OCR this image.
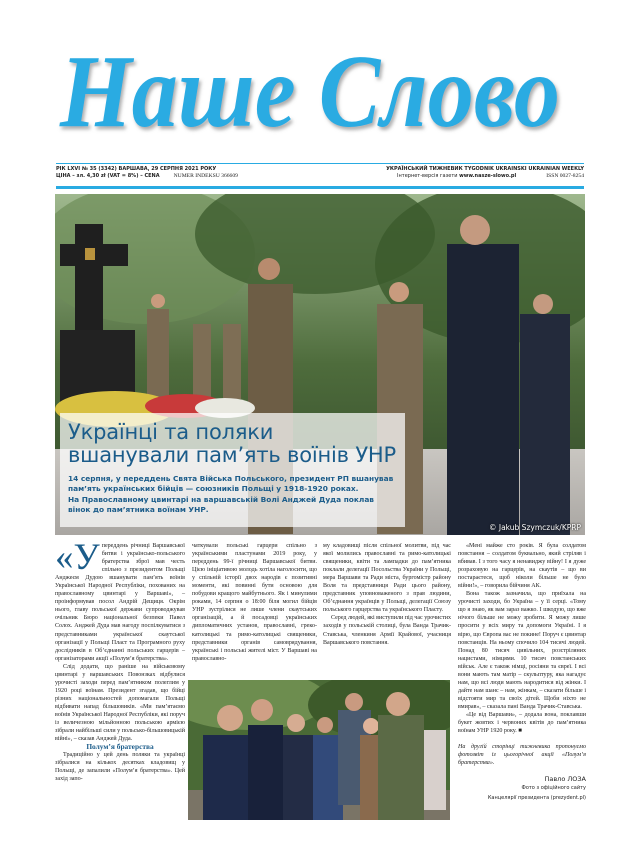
Наше Слово
РІК LXVI № 35 (3342) ВАРШАВА, 29 СЕРПНЯ 2021 РОКУ
ЦІНА – зл. 4,30 zł (VAT = 8%) – CENA	NUMER INDEKSU 366609
УКРАЇНСЬКИЙ ТИЖНЕВИК TYGODNIK UKRAINSKI UKRAINIAN WEEKLY
Інтернет-версія газети www.nasze-slowo.pl	ISSN 0027-8254
Українці та поляки
вшанували пам’ять воїнів УНР
14 серпня, у переддень Свята Війська Польського, президент РП вшанував пам’ять українських бійців — союзників Польщі у 1918-1920 роках.
На Православному цвинтарі на варшавській Волі Анджей Дуда поклав вінок до пам’ятника воїнам УНР.
© Jakub Szymczuk/KPRP

«Упереддень річниці Варшавської битви і українсько-польського братерства зброї мав честь спільно з президентом Польщі Анджеєм Дудою вшанувати пам’ять воїнів Української Народної Республіки, похованих на православному цвинтарі у Варшаві», – проінформував посол Андрій Дещиця. Окрім нього, главу польської держави супроводжував очільник Бюро національної безпеки Павел Солох. Анджей Дуда мав нагоду поспілкуватися з представниками української скаутської організації у Польщі Пласт та Програмного руху дослідників в Об’єднанні польських гарцерів – організаторами акції «Полум’я братерства».

Слід додати, що раніше на військовому цвинтарі у варшавських Повонзках відбулися урочисті заходи перед пам’ятником полеглим у 1920 році воїнам. Президент згадав, що бійці різних національностей допомагали Польщі відбивати напад більшовиків. «Ми пам’ятаємо воїнів Української Народної Республіки, які поруч із величезною мільйонною польською армією зібрали найбільші сили у польсько-більшовицькій війні», – сказав Анджей Дуда.

Полум’я братерства

Традиційно у цей день поляки та українці зібралися на кількох десятках кладовищ у Польщі, де запалили «Полум’я братерства». Цей захід запо-

чаткували польські гарцери спільно з українськими пластунами 2019 року, у переддень 99-ї річниці Варшавської битви. Цією ініціативою молодь хотіла наголосити, що у спільній історії двох народів є позитивні моменти, які повинні бути основою для побудови кращого майбутнього. Як і минулими роками, 14 серпня о 18:00 біля могил бійців УНР зустрілися не лише члени скаутських організацій, а й посадовці українських дипломатичних установ, православні, греко-католицькі та римо-католицькі священики, представники органів самоврядування, українські і польські жителі міст. У Варшаві на православно-

му кладовищі після спільної молитви, під час якої молились православні та римо-католицькі священики, квіти та лампадки до пам’ятника поклали делегації Посольства України у Польщі, мера Варшави та Ради міста, бургомістр району Воля та представниця Ради цього району, представник уповноваженого з прав людини, Об’єднання українців у Польщі, делегації Союзу польського гарцерства та українського Пласту.

Серед людей, які виступили під час урочистих заходів у польській столиці, була Ванда Трачик-Ставська, членкиня Армії Крайової, учасниця Варшавського повстання.

«Мені майже сто років. Я була солдатом повстання – солдатом буквально, який стріляв і вбивав. І з того часу я ненавиджу війну! І я дуже розраховую на гарцерів, на скаутів – що ви постараєтеся, щоб ніколи більше не було війни!», – говорила бійчиня АК.

Вона також зазначила, що приїхала на урочисті заходи, бо Україна – у її серці. «Тому що я знаю, як вам зараз важко. І шкодую, що вже нічого більше не можу зробити. Я можу лише просити у всіх миру та допомоги Україні. І я вірю, що Європа вас не покине! Поруч є цвинтар повстанців. На ньому спочило 104 тисячі людей. Понад 80 тисяч цивільних, розстріляних нацистами, німцями. 10 тисяч повстанських військ. Але є також німці, росіяни та євреї. І всі вони мають там матір – скульптуру, яка нагадує нам, що всі люди мають народитися від жінки. І дайте нам шанс – нам, жінкам, – сказати більше і відстояти мир та своїх дітей. Щоби ніхто не вмирав», – сказала пані Ванда Трачик-Ставська.

«Це від Варшави», – додала вона, поклавши букет жовтих і червоних квітів до пам’ятника воїнам УНР 1920 року. ■

На другій сторінці тижневика пропонуємо фотозвіт із цьогорічної акції «Полум’я братерства».

Павло ЛОЗА

Фото з офіційного сайту

Канцелярії президента (prezydent.pl)
